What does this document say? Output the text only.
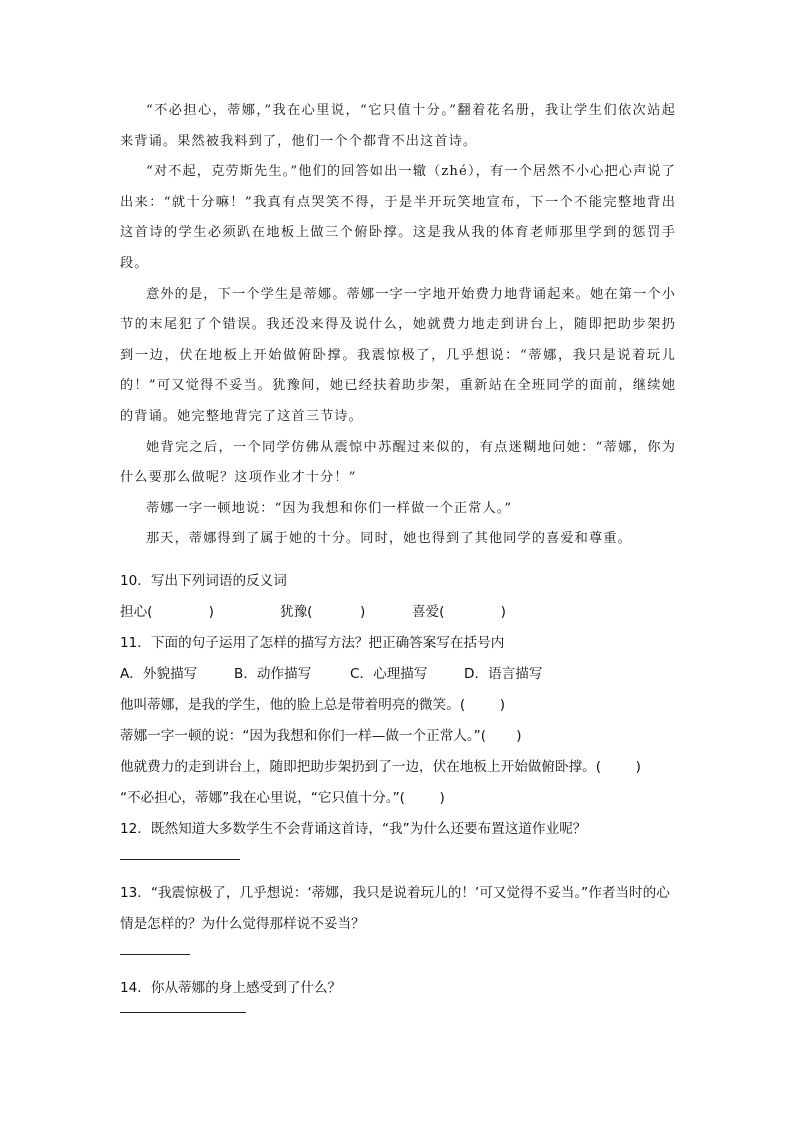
“不必担心，蒂娜，”我在心里说，“它只值十分。”翻着花名册，我让学生们依次站起来背诵。果然被我料到了，他们一个个都背不出这首诗。

“对不起，克劳斯先生。”他们的回答如出一辙（zhé），有一个居然不小心把心声说了出来：“就十分嘛！”我真有点哭笑不得，于是半开玩笑地宣布，下一个不能完整地背出这首诗的学生必须趴在地板上做三个俯卧撑。这是我从我的体育老师那里学到的惩罚手段。

意外的是，下一个学生是蒂娜。蒂娜一字一字地开始费力地背诵起来。她在第一个小节的末尾犯了个错误。我还没来得及说什么，她就费力地走到讲台上，随即把助步架扔到一边，伏在地板上开始做俯卧撑。我震惊极了，几乎想说：“蒂娜，我只是说着玩儿的！”可又觉得不妥当。犹豫间，她已经扶着助步架，重新站在全班同学的面前，继续她的背诵。她完整地背完了这首三节诗。

她背完之后，一个同学仿佛从震惊中苏醒过来似的，有点迷糊地问她：“蒂娜，你为什么要那么做呢？这项作业才十分！”

蒂娜一字一顿地说：“因为我想和你们一样做一个正常人。”

那天，蒂娜得到了属于她的十分。同时，她也得到了其他同学的喜爱和尊重。

10．写出下列词语的反义词
担心(             )	犹豫(           )	喜爱(             )
11．下面的句子运用了怎样的描写方法？把正确答案写在括号内
A．外貌描写	B．动作描写	C．心理描写	D．语言描写
他叫蒂娜，是我的学生，他的脸上总是带着明亮的微笑。(        )
蒂娜一字一顿的说：“因为我想和你们一样—做一个正常人。”(       )
他就费力的走到讲台上，随即把助步架扔到了一边，伏在地板上开始做俯卧撑。(        )
“不必担心，蒂娜”我在心里说，“它只值十分。”(        )
12．既然知道大多数学生不会背诵这首诗，“我”为什么还要布置这道作业呢？
13．“我震惊极了，几乎想说：‘蒂娜，我只是说着玩儿的！’可又觉得不妥当。”作者当时的心情是怎样的？为什么觉得那样说不妥当？
14．你从蒂娜的身上感受到了什么？
